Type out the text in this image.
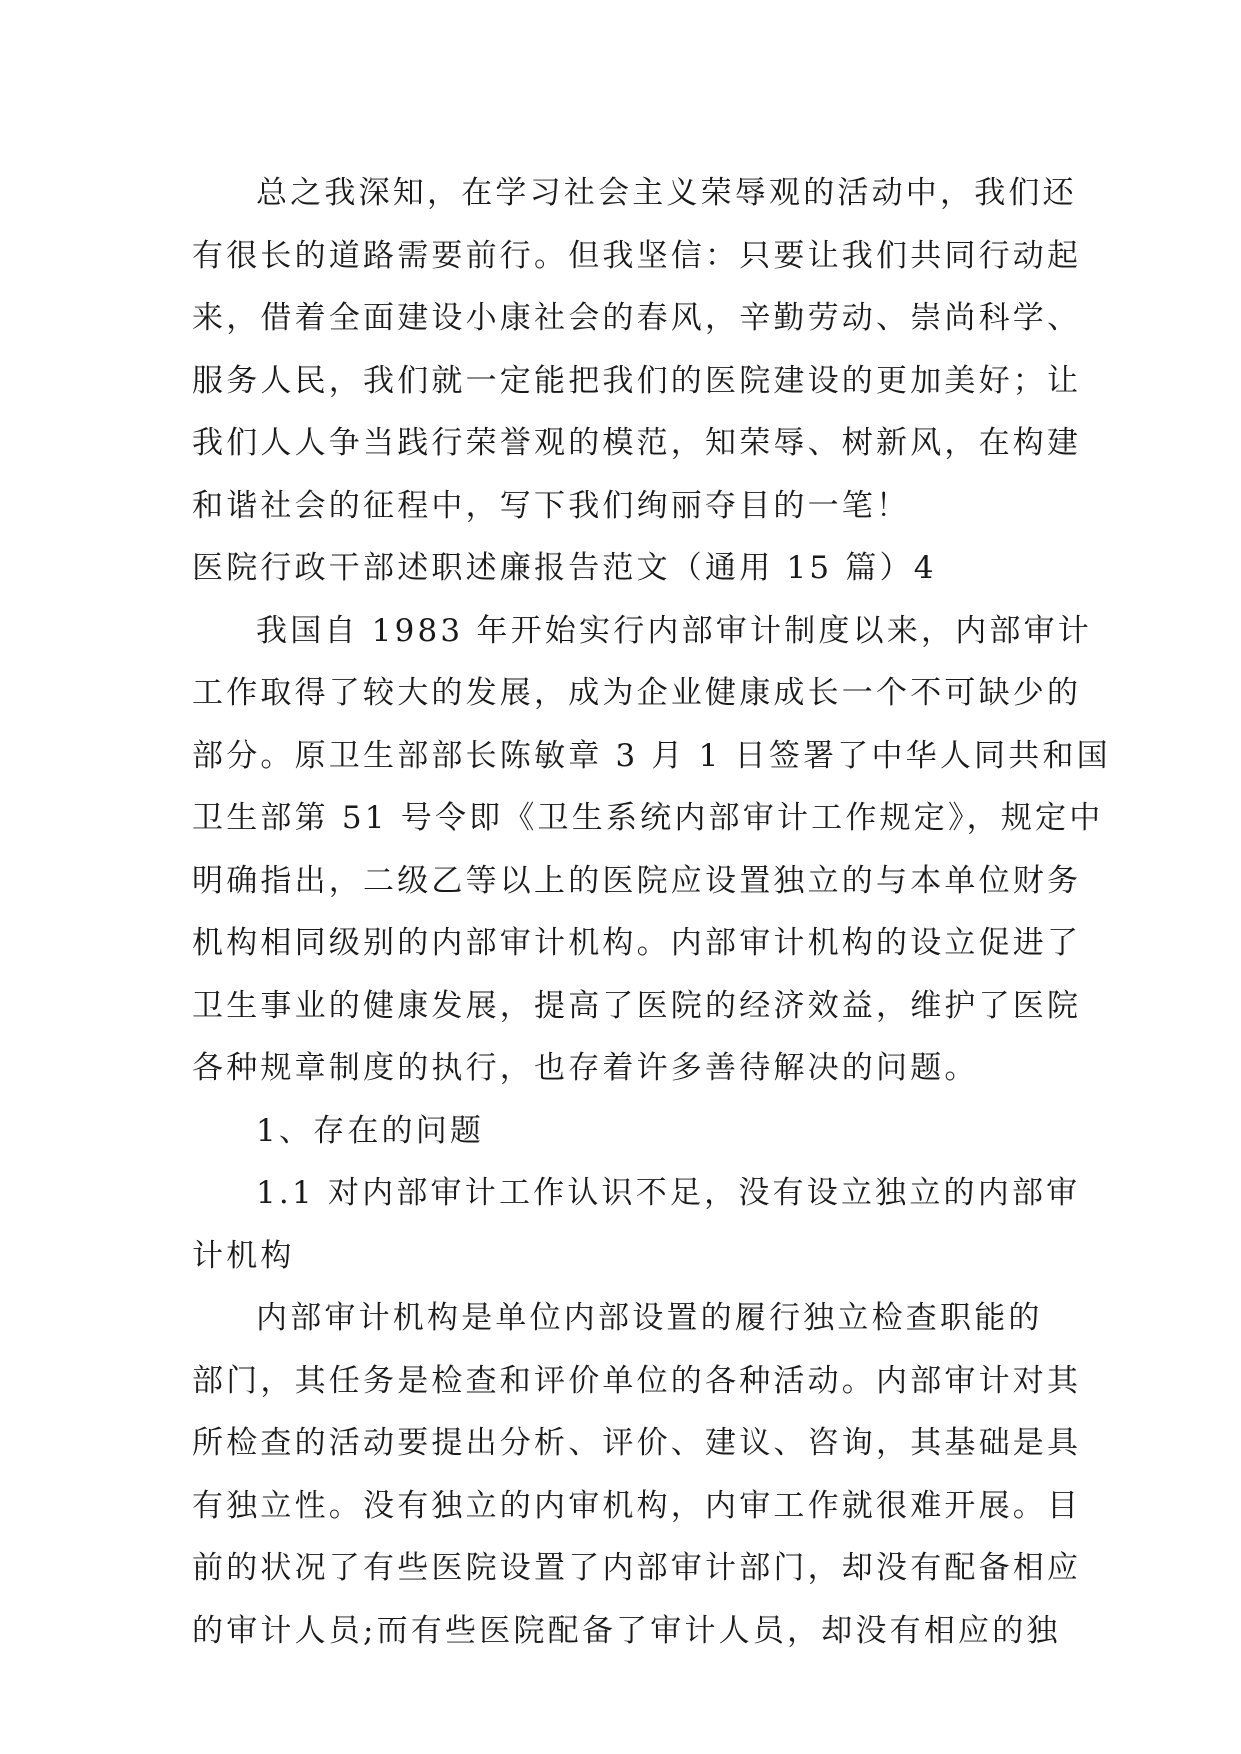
总之我深知，在学习社会主义荣辱观的活动中，我们还
有很长的道路需要前行。但我坚信：只要让我们共同行动起
来，借着全面建设小康社会的春风，辛勤劳动、崇尚科学、
服务人民，我们就一定能把我们的医院建设的更加美好；让
我们人人争当践行荣誉观的模范，知荣辱、树新风，在构建
和谐社会的征程中，写下我们绚丽夺目的一笔！
医院行政干部述职述廉报告范文（通用 15 篇）4
我国自 1983 年开始实行内部审计制度以来，内部审计
工作取得了较大的发展，成为企业健康成长一个不可缺少的
部分。原卫生部部长陈敏章 3 月 1 日签署了中华人同共和国
卫生部第 51 号令即《卫生系统内部审计工作规定》，规定中
明确指出，二级乙等以上的医院应设置独立的与本单位财务
机构相同级别的内部审计机构。内部审计机构的设立促进了
卫生事业的健康发展，提高了医院的经济效益，维护了医院
各种规章制度的执行，也存着许多善待解决的问题。
1、存在的问题
1.1 对内部审计工作认识不足，没有设立独立的内部审
计机构
内部审计机构是单位内部设置的履行独立检查职能的
部门，其任务是检查和评价单位的各种活动。内部审计对其
所检查的活动要提出分析、评价、建议、咨询，其基础是具
有独立性。没有独立的内审机构，内审工作就很难开展。目
前的状况了有些医院设置了内部审计部门，却没有配备相应
的审计人员;而有些医院配备了审计人员，却没有相应的独
